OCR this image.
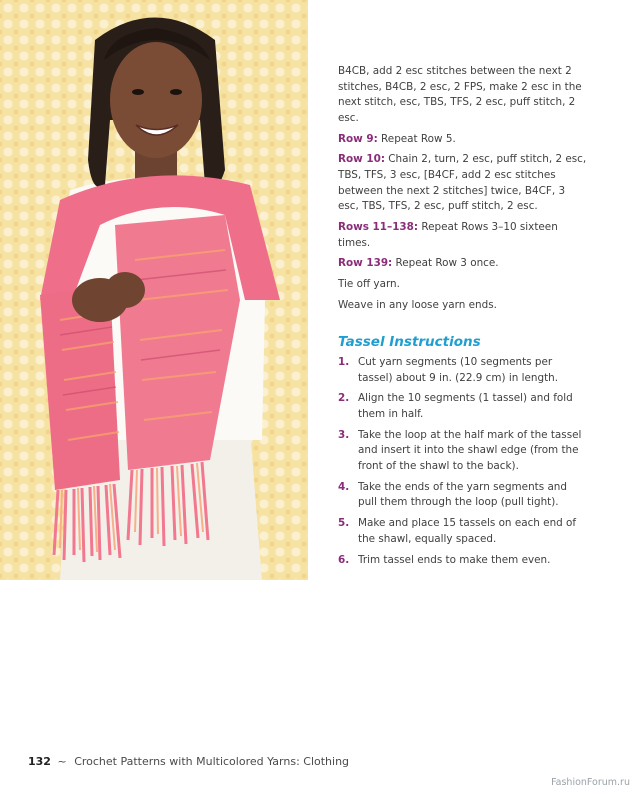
B4CB, add 2 esc stitches between the next 2 stitches, B4CB, 2 esc, 2 FPS, make 2 esc in the next stitch, esc, TBS, TFS, 2 esc, puff stitch, 2 esc.

Row 9: Repeat Row 5.

Row 10: Chain 2, turn, 2 esc, puff stitch, 2 esc, TBS, TFS, 3 esc, [B4CF, add 2 esc stitches between the next 2 stitches] twice, B4CF, 3 esc, TBS, TFS, 2 esc, puff stitch, 2 esc.

Rows 11–138: Repeat Rows 3–10 sixteen times.

Row 139: Repeat Row 3 once.

Tie off yarn.

Weave in any loose yarn ends.

Tassel Instructions
1. Cut yarn segments (10 segments per tassel) about 9 in. (22.9 cm) in length.
2. Align the 10 segments (1 tassel) and fold them in half.
3. Take the loop at the half mark of the tassel and insert it into the shawl edge (from the front of the shawl to the back).
4. Take the ends of the yarn segments and pull them through the loop (pull tight).
5. Make and place 15 tassels on each end of the shawl, equally spaced.
6. Trim tassel ends to make them even.
132 ~ Crochet Patterns with Multicolored Yarns: Clothing
FashionForum.ru
